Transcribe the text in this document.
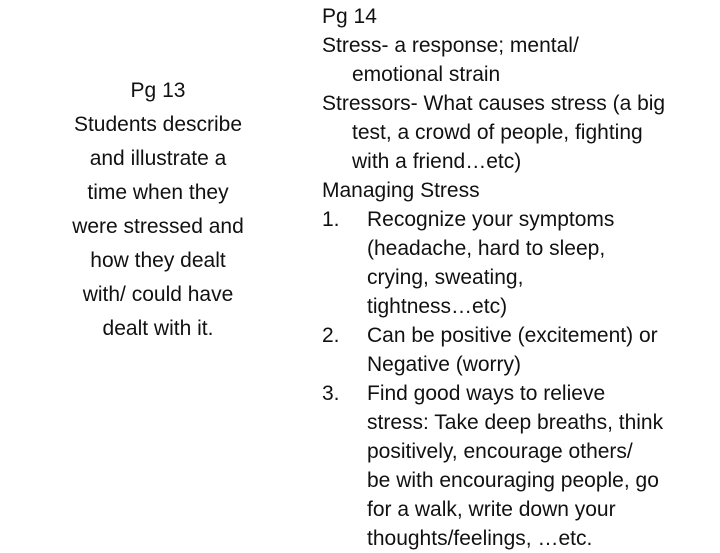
Pg 13
Students describe
and illustrate a
time when they
were stressed and
how they dealt
with/ could have
dealt with it.
Pg 14
Stress- a response; mental/
emotional strain
Stressors- What causes stress (a big
test, a crowd of people, fighting
with a friend…etc)
Managing Stress
1.	Recognize your symptoms
(headache, hard to sleep,
crying, sweating,
tightness…etc)
2.	Can be positive (excitement) or
Negative (worry)
3.	Find good ways to relieve
stress: Take deep breaths, think
positively, encourage others/
be with encouraging people, go
for a walk, write down your
thoughts/feelings, …etc.
